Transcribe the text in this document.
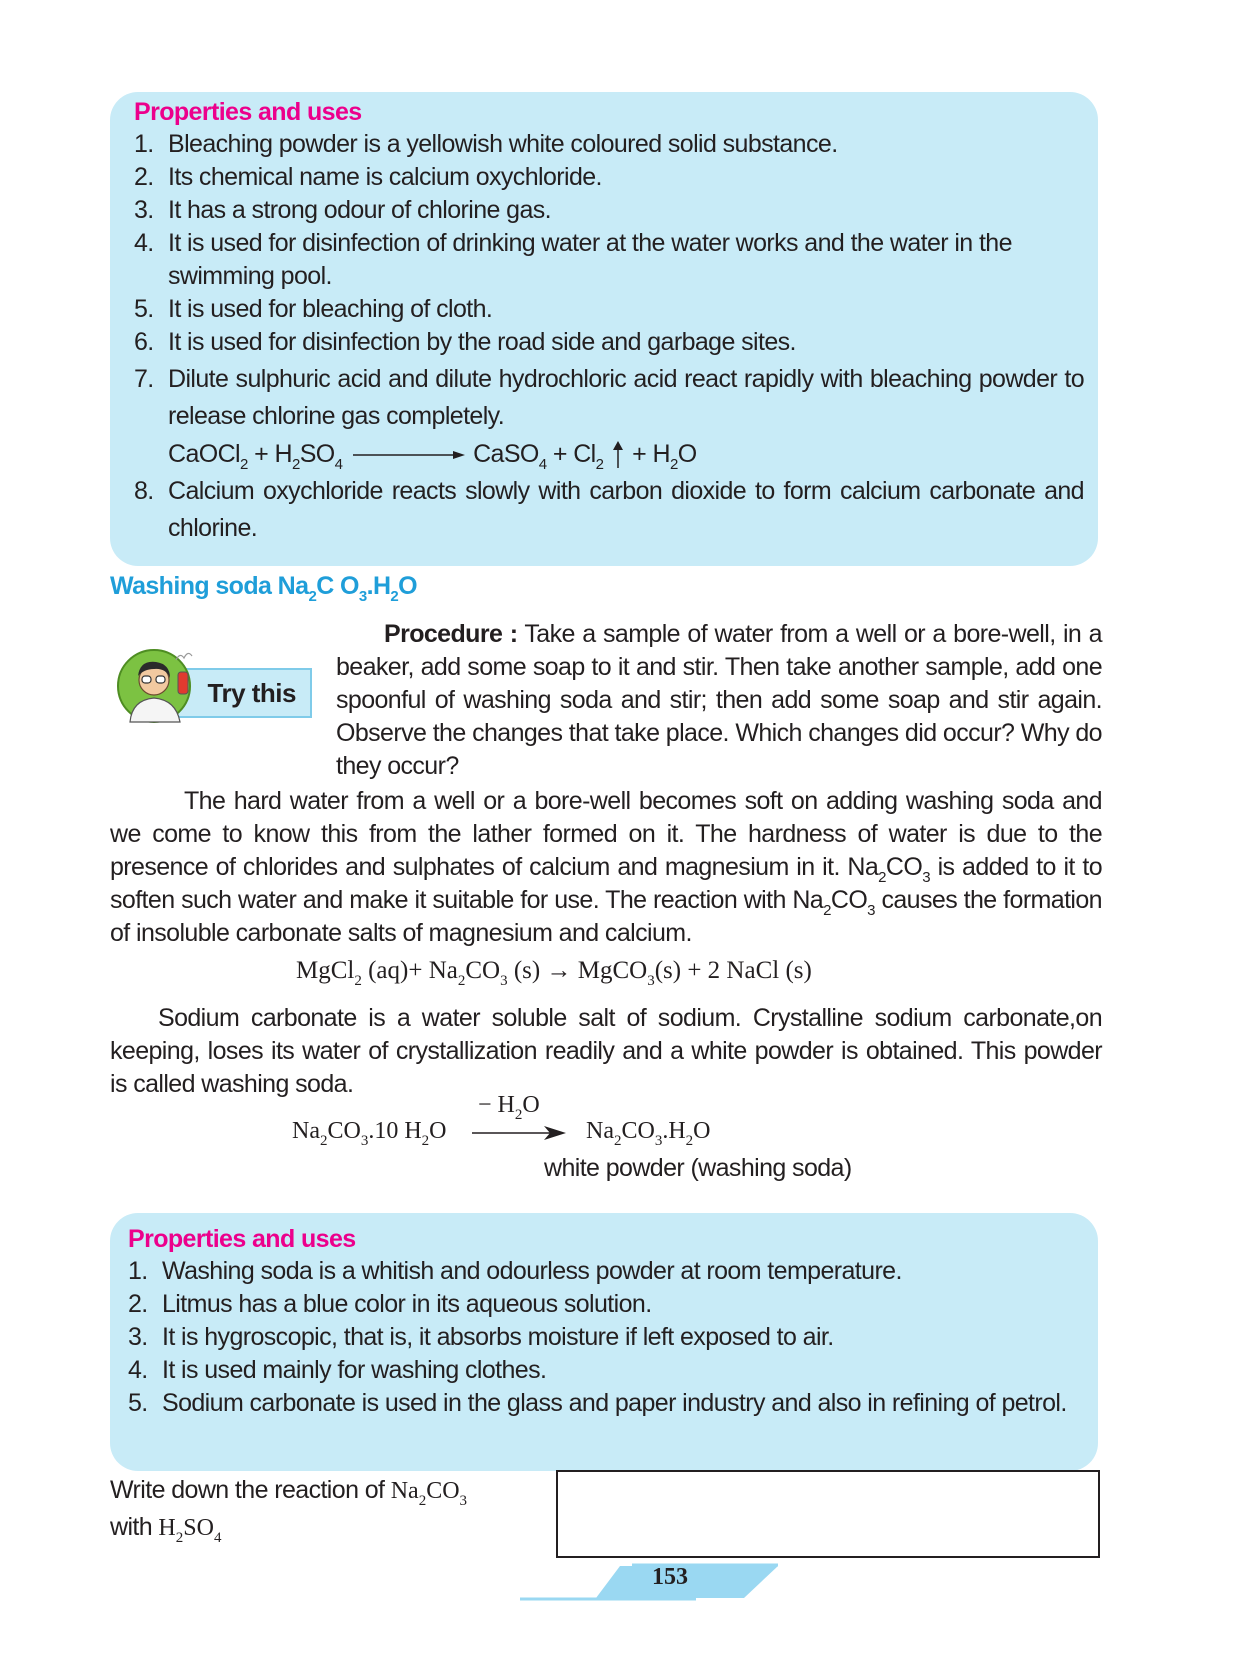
Properties and uses
1. Bleaching powder is a yellowish white coloured solid substance.
2. Its chemical name is calcium oxychloride.
3. It has a strong odour of chlorine gas.
4. It is used for disinfection of drinking water at the water works and the water in the swimming pool.
5. It is used for bleaching of cloth.
6. It is used for disinfection by the road side and garbage sites.
7. Dilute sulphuric acid and dilute hydrochloric acid react rapidly with bleaching powder to release chlorine gas completely.
CaOCl$_2$ + $H_2SO_4$	CaSO$_4$ + $Cl_2 + H_2O$
8. Calcium oxychloride reacts slowly with carbon dioxide to form calcium carbonate and chlorine.
Washing soda $Na_2C$ $O_3.H_2O$
Try this
Procedure : Take a sample of water from a well or a bore-well, in a beaker, add some soap to it and stir. Then take another sample, add one spoonful of washing soda and stir; then add some soap and stir again. Observe the changes that take place. Which changes did occur? Why do they occur?
The hard water from a well or a bore-well becomes soft on adding washing soda and we come to know this from the lather formed on it. The hardness of water is due to the presence of chlorides and sulphates of calcium and magnesium in it. $Na_2CO_3$ is added to it to soften such water and make it suitable for use. The reaction with $Na_2CO_3$ causes the formation of insoluble carbonate salts of magnesium and calcium.
MgCl$_2$ $(aq)+ Na_2CO_3$ (s) → MgCO$_3$(s) + 2 NaCl (s)
Sodium carbonate is a water soluble salt of sodium. Crystalline sodium carbonate,on keeping, loses its water of crystallization readily and a white powder is obtained. This powder is called washing soda.
− $H_2O$
$Na_2CO_3.10$ $H_2O$	$Na_2CO_3.H_2O$
white powder (washing soda)
Properties and uses
1. Washing soda is a whitish and odourless powder at room temperature.
2. Litmus has a blue color in its aqueous solution.
3. It is hygroscopic, that is, it absorbs moisture if left exposed to air.
4. It is used mainly for washing clothes.
5. Sodium carbonate is used in the glass and paper industry and also in refining of petrol.
Write down the reaction of $Na_2CO_3$
with $H_2SO_4$
153
